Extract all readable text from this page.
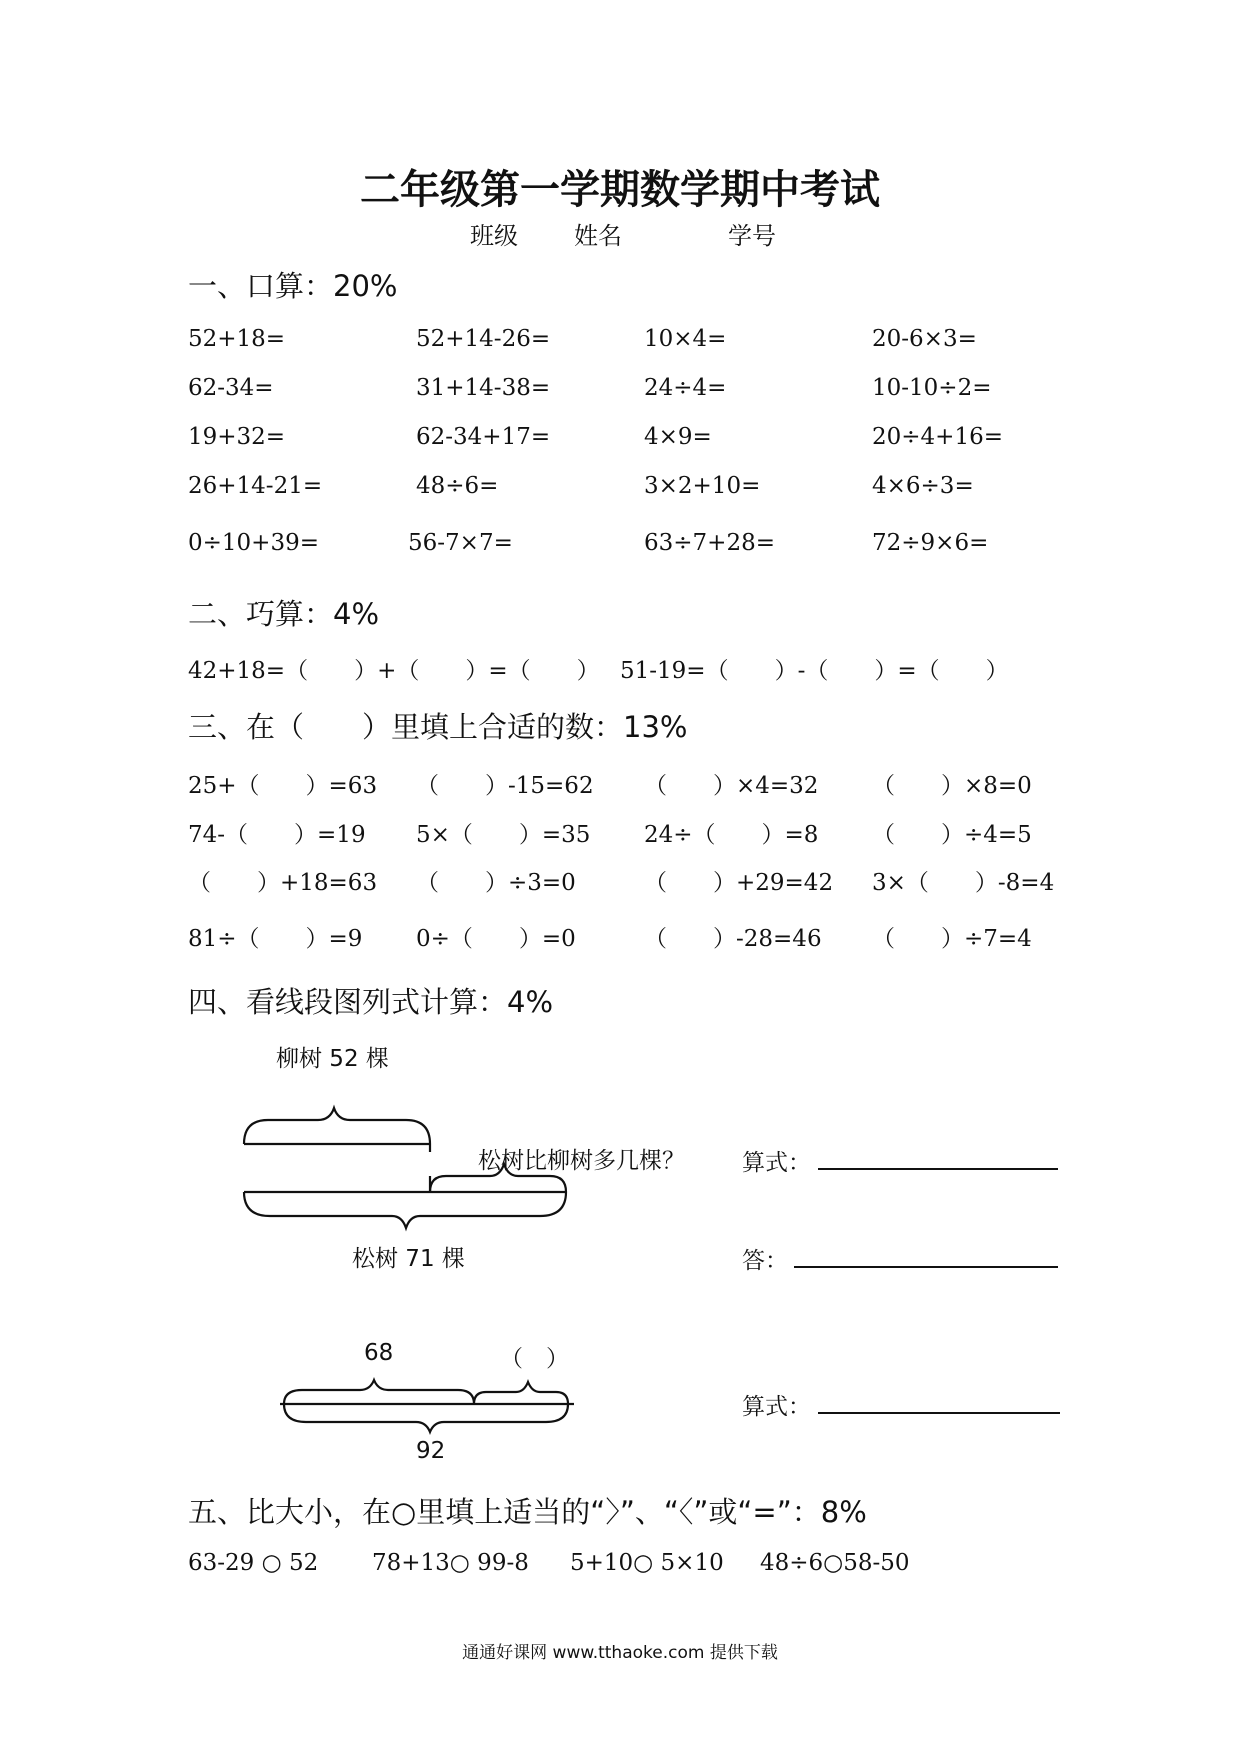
二年级第一学期数学期中考试
班级 姓名	学号
一、口算：20%
52+18=	52+14-26=	10×4=	20-6×3=
62-34=	31+14-38=	24÷4=	10-10÷2=
19+32=	62-34+17=	4×9=	20÷4+16=
26+14-21=	48÷6=	3×2+10=	4×6÷3=
0÷10+39=	56-7×7=	63÷7+28=	72÷9×6=
二、巧算：4%
42+18=（　　）+（　　）=（　　） 51-19=（　　）-（　　）=（　　）
三、在（　　）里填上合适的数：13%
25+（　　）=63 （　　）-15=62 （　　）×4=32 （　　）×8=0
74-（　　）=19 5×（　　）=35 24÷（　　）=8 （　　）÷4=5
（　　）+18=63 （　　）÷3=0	（　　）+29=42 3×（　　）-8=4
81÷（　　）=9 0÷（　　）=0	（　　）-28=46 （　　）÷7=4
四、看线段图列式计算：4%
柳树 52 棵
松树比柳树多几棵？
松树 71 棵
算式：
答：
68	（　）
92
算式：
五、比大小，在○里填上适当的“〉”、“〈”或“=”：8%
63-29 ○ 52 78+13○ 99-8 5+10○ 5×10 48÷6○58-50
通通好课网 www.tthaoke.com 提供下载
